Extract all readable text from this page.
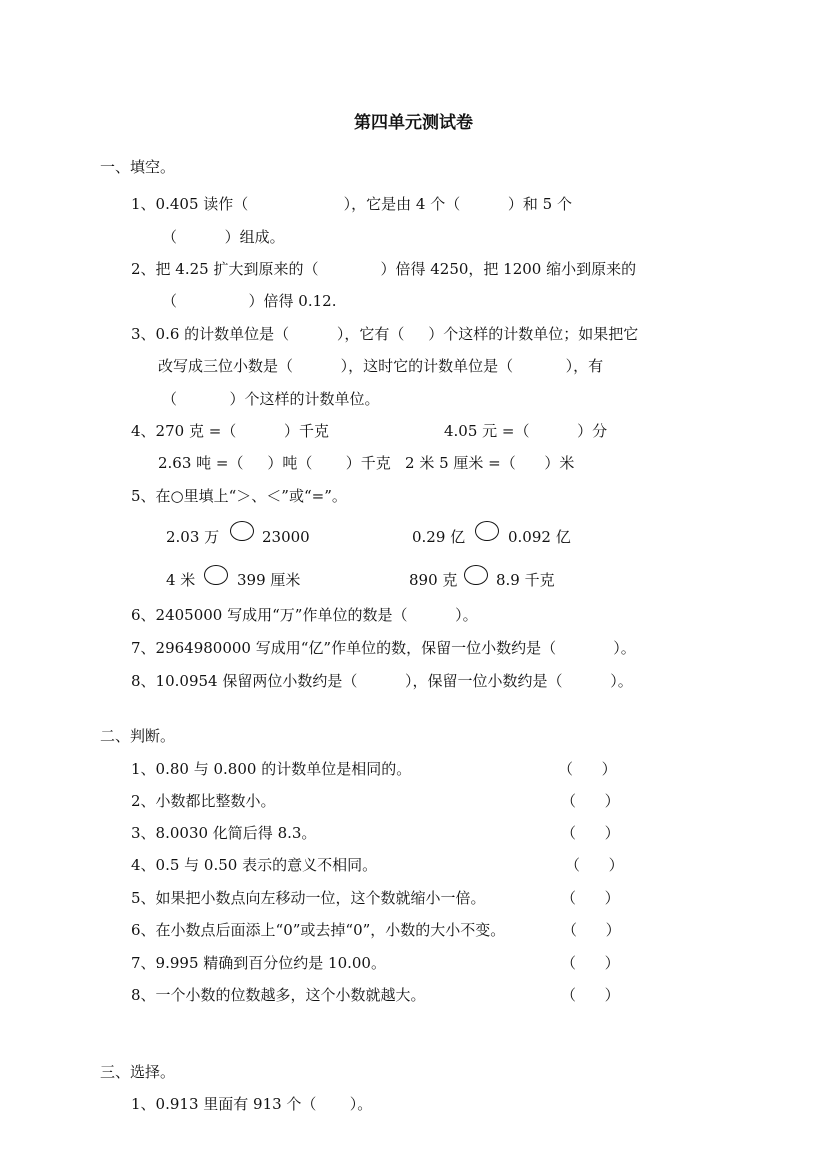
第四单元测试卷
一、填空。
1、0.405 读作（                    ），它是由 4 个（          ）和 5 个
（          ）组成。
2、把 4.25 扩大到原来的（             ）倍得 4250，把 1200 缩小到原来的
（               ）倍得 0.12.
3、0.6 的计数单位是（          ），它有（     ）个这样的计数单位；如果把它
改写成三位小数是（          ），这时它的计数单位是（           ），有
（           ）个这样的计数单位。
4、270 克 =（          ）千克	4.05 元 =（          ）分
2.63 吨 =（     ）吨（       ）千克   2 米 5 厘米 =（      ）米
5、在○里填上“＞、＜”或“=”。
2.03 万	23000	0.29 亿	0.092 亿
4 米	399 厘米	890 克	8.9 千克
6、2405000 写成用“万”作单位的数是（          ）。
7、2964980000 写成用“亿”作单位的数，保留一位小数约是（            ）。
8、10.0954 保留两位小数约是（          ），保留一位小数约是（          ）。
二、判断。
1、0.80 与 0.800 的计数单位是相同的。	（      ）
2、小数都比整数小。	（      ）
3、8.0030 化简后得 8.3。	（      ）
4、0.5 与 0.50 表示的意义不相同。	（      ）
5、如果把小数点向左移动一位，这个数就缩小一倍。	（      ）
6、在小数点后面添上“0”或去掉“0”，小数的大小不变。	（      ）
7、9.995 精确到百分位约是 10.00。	（      ）
8、一个小数的位数越多，这个小数就越大。	（      ）
三、选择。
1、0.913 里面有 913 个（       ）。
